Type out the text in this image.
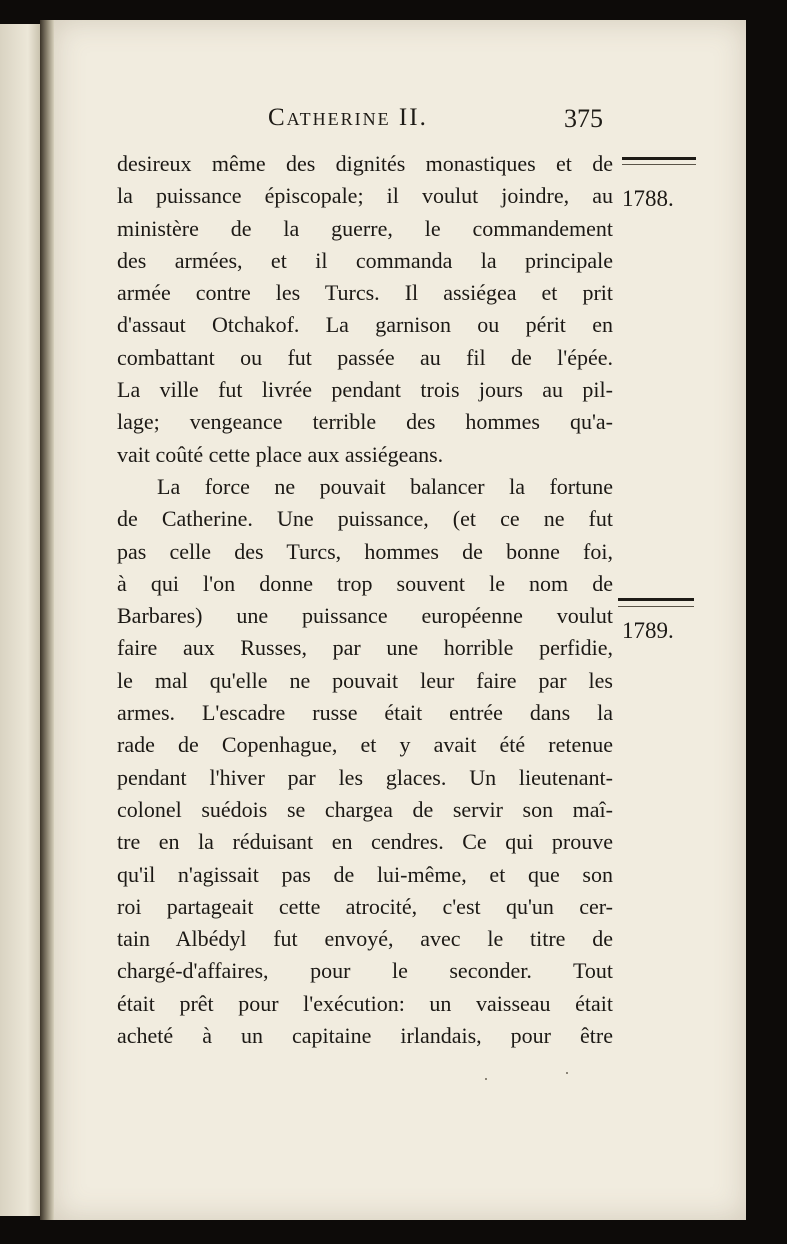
Catherine II.	375
1788.
1789.
desireux même des dignités monastiques et de
la puissance épiscopale; il voulut joindre, au
ministère de la guerre, le commandement
des armées, et il commanda la principale
armée contre les Turcs. Il assiégea et prit
d'assaut Otchakof. La garnison ou périt en
combattant ou fut passée au fil de l'épée.
La ville fut livrée pendant trois jours au pil-
lage; vengeance terrible des hommes qu'a-
vait coûté cette place aux assiégeans.
La force ne pouvait balancer la fortune
de Catherine. Une puissance, (et ce ne fut
pas celle des Turcs, hommes de bonne foi,
à qui l'on donne trop souvent le nom de
Barbares) une puissance européenne voulut
faire aux Russes, par une horrible perfidie,
le mal qu'elle ne pouvait leur faire par les
armes. L'escadre russe était entrée dans la
rade de Copenhague, et y avait été retenue
pendant l'hiver par les glaces. Un lieutenant-
colonel suédois se chargea de servir son maî-
tre en la réduisant en cendres. Ce qui prouve
qu'il n'agissait pas de lui-même, et que son
roi partageait cette atrocité, c'est qu'un cer-
tain Albédyl fut envoyé, avec le titre de
chargé-d'affaires, pour le seconder. Tout
était prêt pour l'exécution: un vaisseau était
acheté à un capitaine irlandais, pour être
